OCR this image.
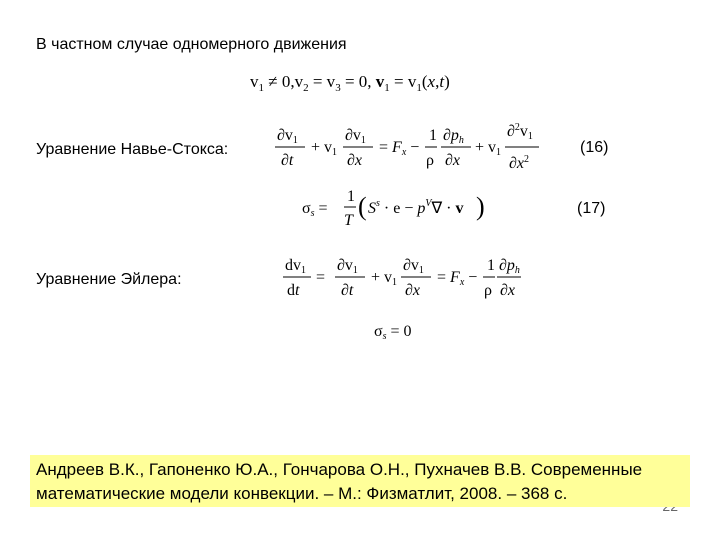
В частном случае одномерного движения
$v_1 \ne 0,v_2 = v_3 = 0$, $v_1 = v_1(x,t)$
Уравнение Навье-Стокса:
∂v1
∂t
+ v1
∂v1
∂x
= Fx −
1
ρ
∂ph
∂x
+ v1
∂$^2$v1
$\partial x^2$
(16)
σs =
1
T ( $S^s \cdot e - p^V\nabla \cdot v$ )	(17)
Уравнение Эйлера:
dv1
dt
=
∂v1
∂t
+ v1
∂v1
∂x
= Fx −
1
ρ
∂ph
∂x
σs = 0
Андреев В.К., Гапоненко Ю.А., Гончарова О.Н., Пухначев В.В. Современные
математические модели конвекции. – М.: Физматлит, 2008. – 368 с.
